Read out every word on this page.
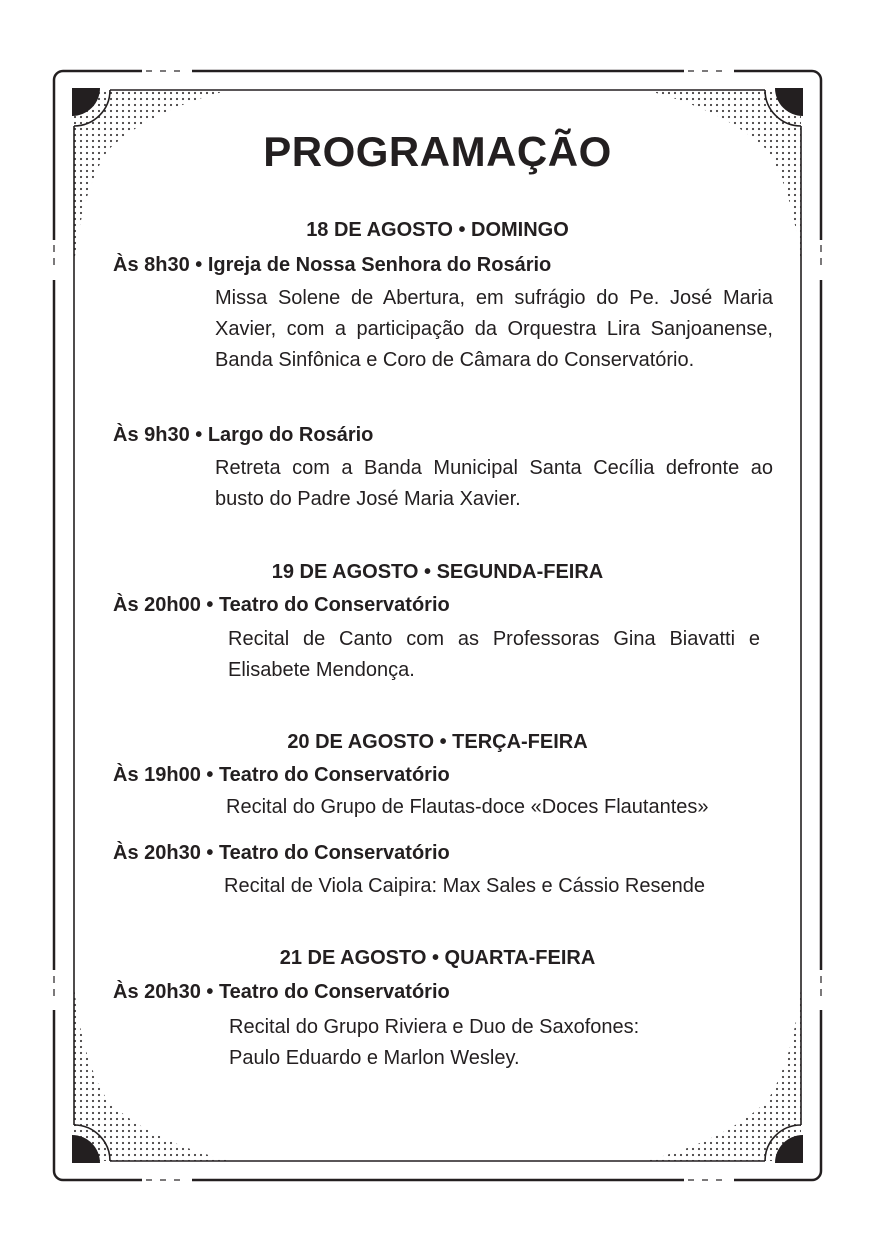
PROGRAMAÇÃO
18 DE AGOSTO • DOMINGO
Às 8h30 • Igreja de Nossa Senhora do Rosário
Missa Solene de Abertura, em sufrágio do Pe. José Maria Xavier, com a participação da Orquestra Lira Sanjoanense, Banda Sinfônica e Coro de Câmara do Conservatório.
Às 9h30 • Largo do Rosário
Retreta com a Banda Municipal Santa Cecília defronte ao busto do Padre José Maria Xavier.
19 DE AGOSTO • SEGUNDA-FEIRA
Às 20h00 • Teatro do Conservatório
Recital de Canto com as Professoras Gina Biavatti e Elisabete Mendonça.
20 DE AGOSTO • TERÇA-FEIRA
Às 19h00 • Teatro do Conservatório
Recital do Grupo de Flautas-doce «Doces Flautantes»
Às 20h30 • Teatro do Conservatório
Recital de Viola Caipira: Max Sales e Cássio Resende
21 DE AGOSTO • QUARTA-FEIRA
Às 20h30 • Teatro do Conservatório
Recital do Grupo Riviera e Duo de Saxofones:
Paulo Eduardo e Marlon Wesley.
